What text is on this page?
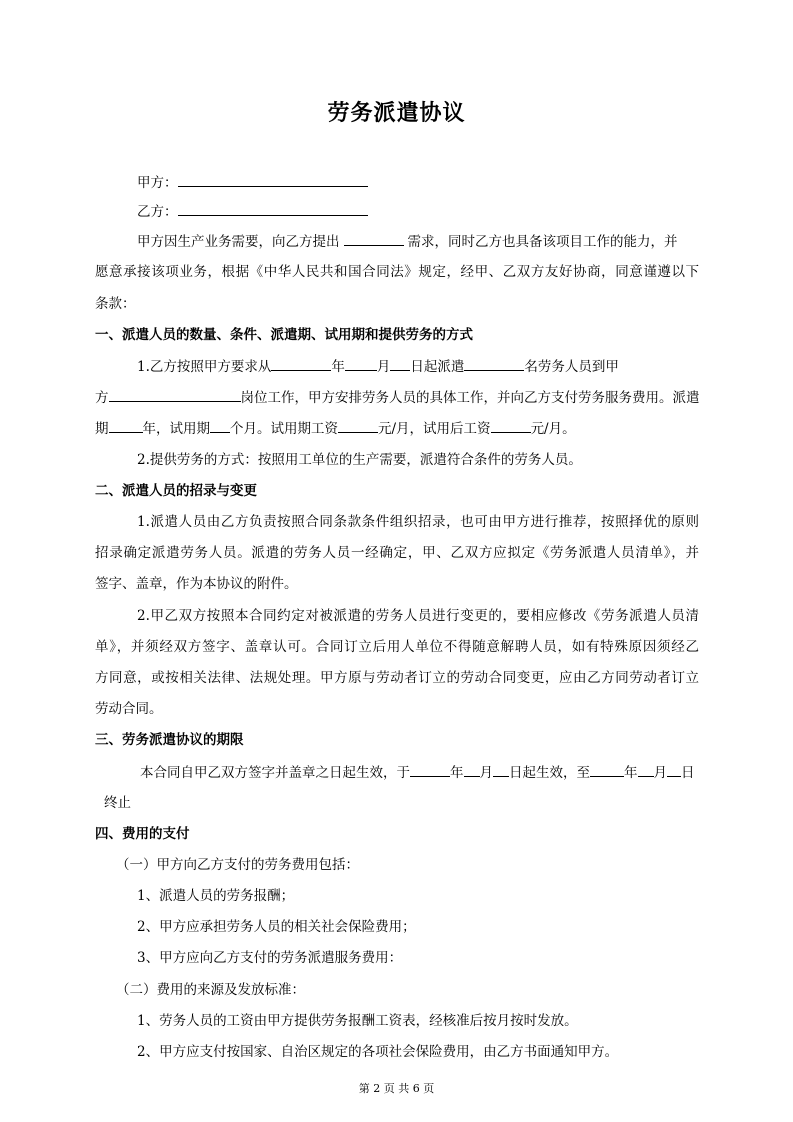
劳务派遣协议
甲方：
乙方：
甲方因生产业务需要，向乙方提出	需求，同时乙方也具备该项目工作的能力，并
愿意承接该项业务，根据《中华人民共和国合同法》规定，经甲、乙双方友好协商，同意谨遵以下
条款：
一、派遣人员的数量、条件、派遣期、试用期和提供劳务的方式
1.乙方按照甲方要求从	年 月 日起派遣	名劳务人员到甲
方	岗位工作，甲方安排劳务人员的具体工作，并向乙方支付劳务服务费用。派遣
期	年，试用期 个月。试用期工资	元/月，试用后工资	元/月。
2.提供劳务的方式：按照用工单位的生产需要，派遣符合条件的劳务人员。
二、派遣人员的招录与变更
1.派遣人员由乙方负责按照合同条款条件组织招录，也可由甲方进行推荐，按照择优的原则
招录确定派遣劳务人员。派遣的劳务人员一经确定，甲、乙双方应拟定《劳务派遣人员清单》，并
签字、盖章，作为本协议的附件。
2.甲乙双方按照本合同约定对被派遣的劳务人员进行变更的，要相应修改《劳务派遣人员清
单》，并须经双方签字、盖章认可。合同订立后用人单位不得随意解聘人员，如有特殊原因须经乙
方同意，或按相关法律、法规处理。甲方原与劳动者订立的劳动合同变更，应由乙方同劳动者订立
劳动合同。
三、劳务派遣协议的期限
本合同自甲乙双方签字并盖章之日起生效，于	年 月 日起生效，至	年 月 日
终止
四、费用的支付
（一）甲方向乙方支付的劳务费用包括：
1、派遣人员的劳务报酬；
2、甲方应承担劳务人员的相关社会保险费用；
3、甲方应向乙方支付的劳务派遣服务费用：
（二）费用的来源及发放标准：
1、劳务人员的工资由甲方提供劳务报酬工资表，经核准后按月按时发放。
2、甲方应支付按国家、自治区规定的各项社会保险费用，由乙方书面通知甲方。
第 2 页 共 6 页
